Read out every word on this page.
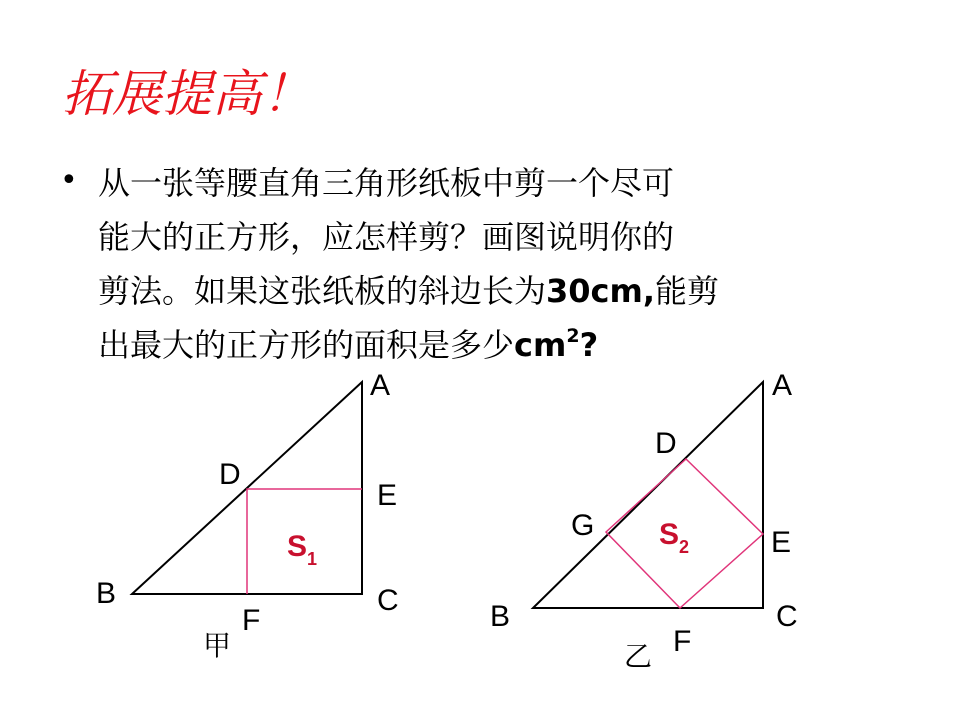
拓展提高！
• 从一张等腰直角三角形纸板中剪一个尽可
能大的正方形，应怎样剪？画图说明你的
剪法。如果这张纸板的斜边长为30cm,能剪
出最大的正方形的面积是多少$cm^2$?
A
D
E
B	C
F
甲
S1
A
D
G
E
B	C
F
乙
S2
